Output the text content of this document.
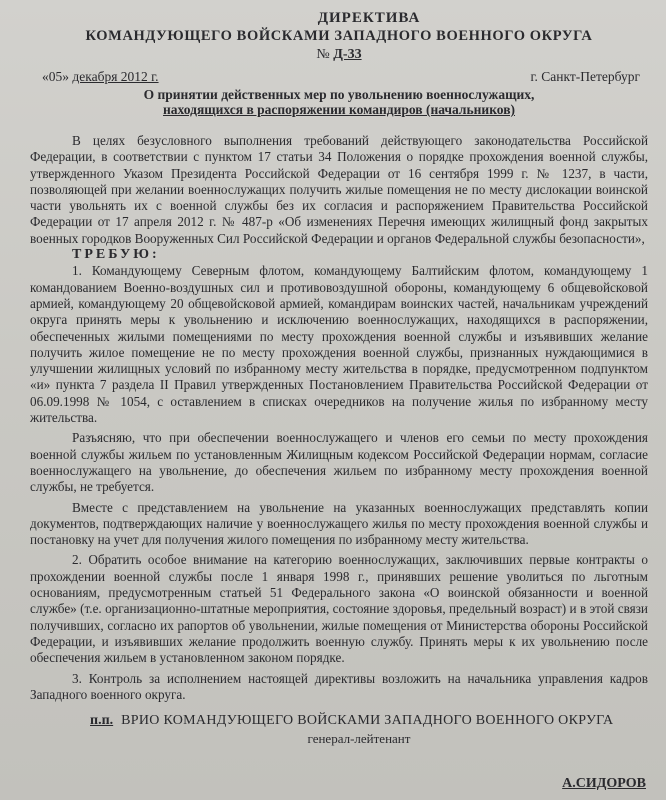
ДИРЕКТИВА
КОМАНДУЮЩЕГО ВОЙСКАМИ ЗАПАДНОГО ВОЕННОГО ОКРУГА
№ Д-33
«05» декабря 2012 г.	г. Санкт-Петербург
О принятии действенных мер по увольнению военнослужащих,
находящихся в распоряжении командиров (начальников)

В целях безусловного выполнения требований действующего законодательства Российской Федерации, в соответствии с пунктом 17 статьи 34 Положения о порядке прохождения военной службы, утвержденного Указом Президента Российской Федерации от 16 сентября 1999 г. № 1237, в части, позволяющей при желании военнослужащих получить жилые помещения не по месту дислокации воинской части увольнять их с военной службы без их согласия и распоряжением Правительства Российской Федерации от 17 апреля 2012 г. № 487-р «Об изменениях Перечня имеющих жилищный фонд закрытых военных городков Вооруженных Сил Российской Федерации и органов Федеральной службы безопасности»,

ТРЕБУЮ:

1. Командующему Северным флотом, командующему Балтийским флотом, командующему 1 командованием Военно-воздушных сил и противовоздушной обороны, командующему 6 общевойсковой армией, командующему 20 общевойсковой армией, командирам воинских частей, начальникам учреждений округа принять меры к увольнению и исключению военнослужащих, находящихся в распоряжении, обеспеченных жилыми помещениями по месту прохождения военной службы и изъявивших желание получить жилое помещение не по месту прохождения военной службы, признанных нуждающимися в улучшении жилищных условий по избранному месту жительства в порядке, предусмотренном подпунктом «и» пункта 7 раздела II Правил утвержденных Постановлением Правительства Российской Федерации от 06.09.1998 № 1054, с оставлением в списках очередников на получение жилья по избранному месту жительства.

Разъясняю, что при обеспечении военнослужащего и членов его семьи по месту прохождения военной службы жильем по установленным Жилищным кодексом Российской Федерации нормам, согласие военнослужащего на увольнение, до обеспечения жильем по избранному месту прохождения военной службы, не требуется.

Вместе с представлением на увольнение на указанных военнослужащих представлять копии документов, подтверждающих наличие у военнослужащего жилья по месту прохождения военной службы и постановку на учет для получения жилого помещения по избранному месту жительства.

2. Обратить особое внимание на категорию военнослужащих, заключивших первые контракты о прохождении военной службы после 1 января 1998 г., принявших решение уволиться по льготным основаниям, предусмотренным статьей 51 Федерального закона «О воинской обязанности и военной службе» (т.е. организационно-штатные мероприятия, состояние здоровья, предельный возраст) и в этой связи получивших, согласно их рапортов об увольнении, жилые помещения от Министерства обороны Российской Федерации, и изъявивших желание продолжить военную службу. Принять меры к их увольнению после обеспечения жильем в установленном законом порядке.

3. Контроль за исполнением настоящей директивы возложить на начальника управления кадров Западного военного округа.

п.п. ВРИО КОМАНДУЮЩЕГО ВОЙСКАМИ ЗАПАДНОГО ВОЕННОГО ОКРУГА
генерал-лейтенант
А.СИДОРОВ
